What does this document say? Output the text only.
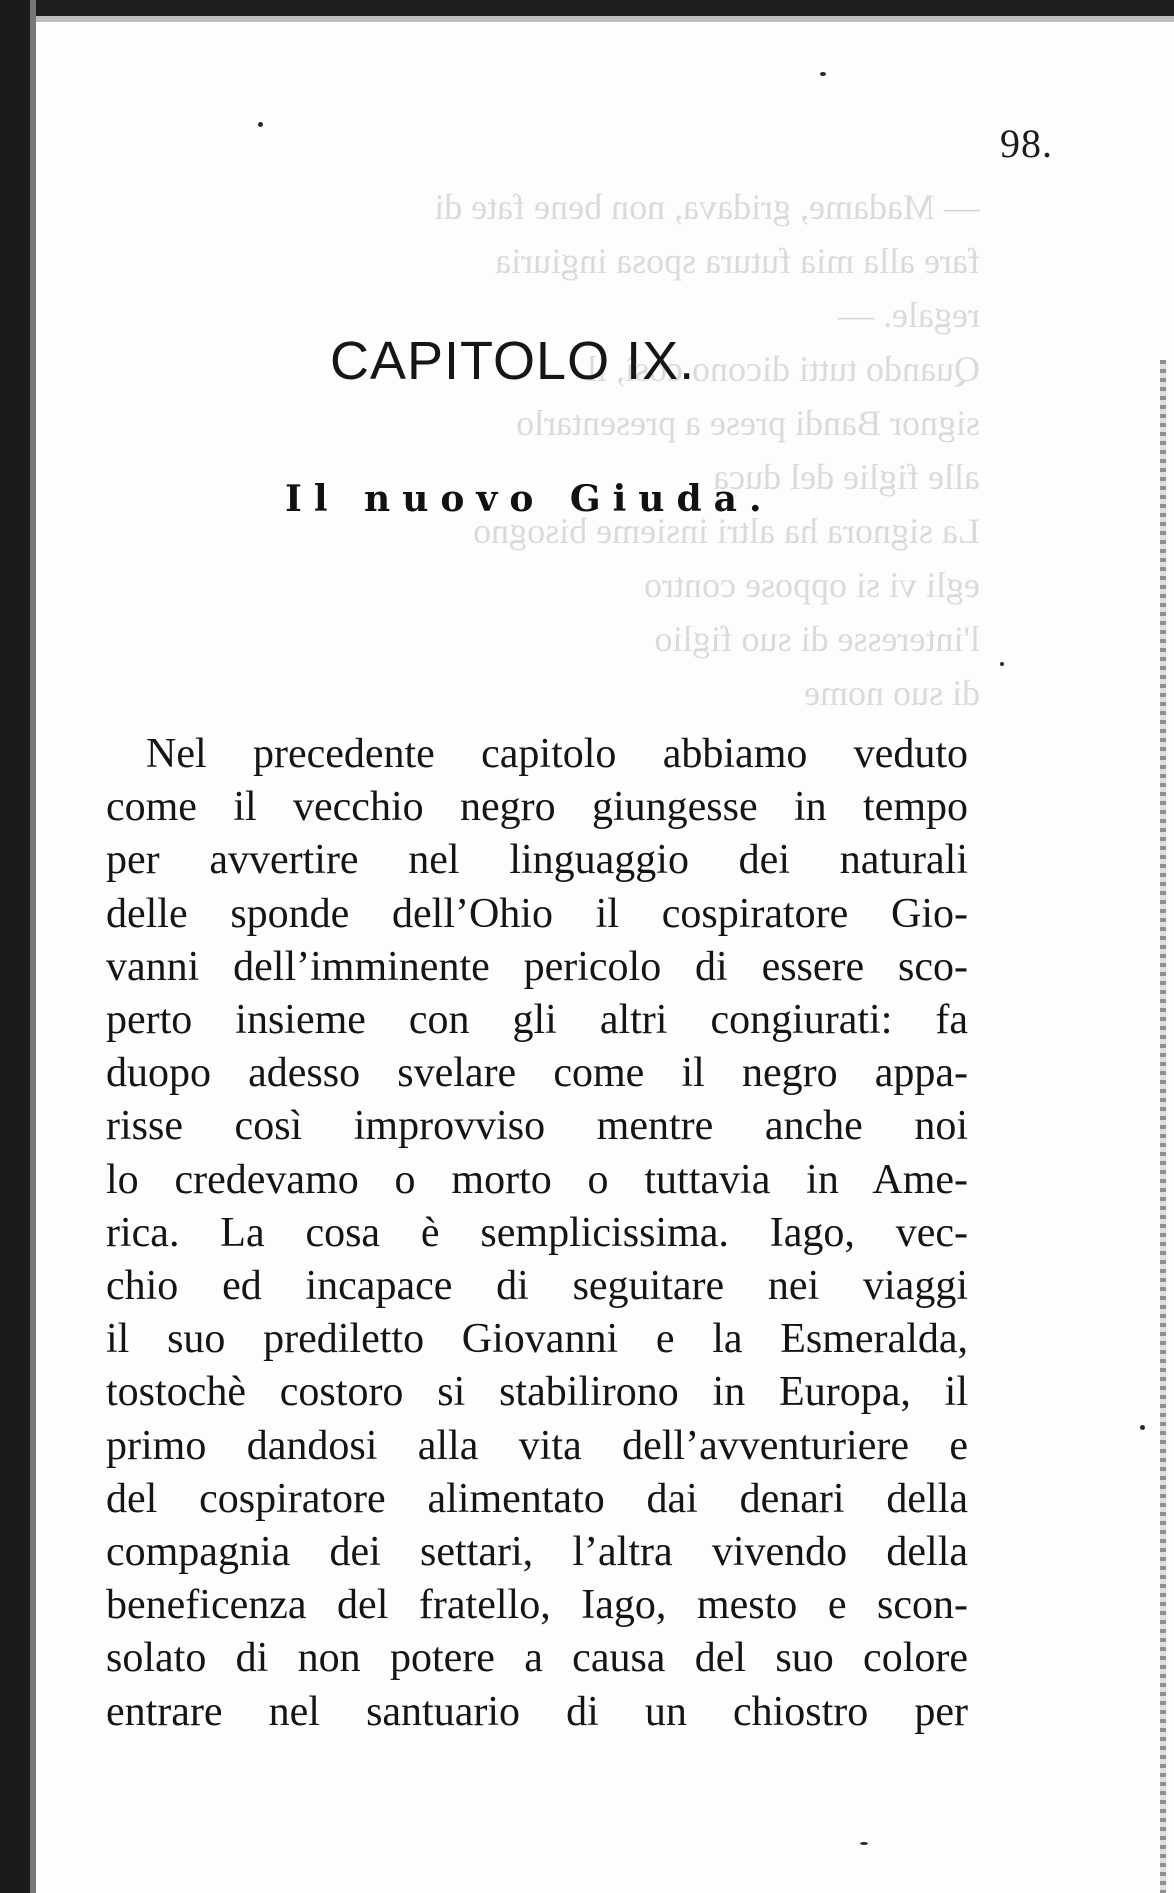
— Madame, gridava, non bene fate di
fare alla mia futura sposa ingiuria
regale. —
Quando tutti dicono così, il
signor Bandi prese a presentarlo
alle figlie del duca
La signora ha altri insieme bisogno
egli vi si oppose contro
l'interesse di suo figlio
di suo nome
98.
CAPITOLO IX.
Il nuovo Giuda.
Nel precedente capitolo abbiamo veduto
come il vecchio negro giungesse in tempo
per avvertire nel linguaggio dei naturali
delle sponde dell’Ohio il cospiratore Gio-
vanni dell’imminente pericolo di essere sco-
perto insieme con gli altri congiurati: fa
duopo adesso svelare come il negro appa-
risse così improvviso mentre anche noi
lo credevamo o morto o tuttavia in Ame-
rica. La cosa è semplicissima. Iago, vec-
chio ed incapace di seguitare nei viaggi
il suo prediletto Giovanni e la Esmeralda,
tostochè costoro si stabilirono in Europa, il
primo dandosi alla vita dell’avventuriere e
del cospiratore alimentato dai denari della
compagnia dei settari, l’altra vivendo della
beneficenza del fratello, Iago, mesto e scon-
solato di non potere a causa del suo colore
entrare nel santuario di un chiostro per
